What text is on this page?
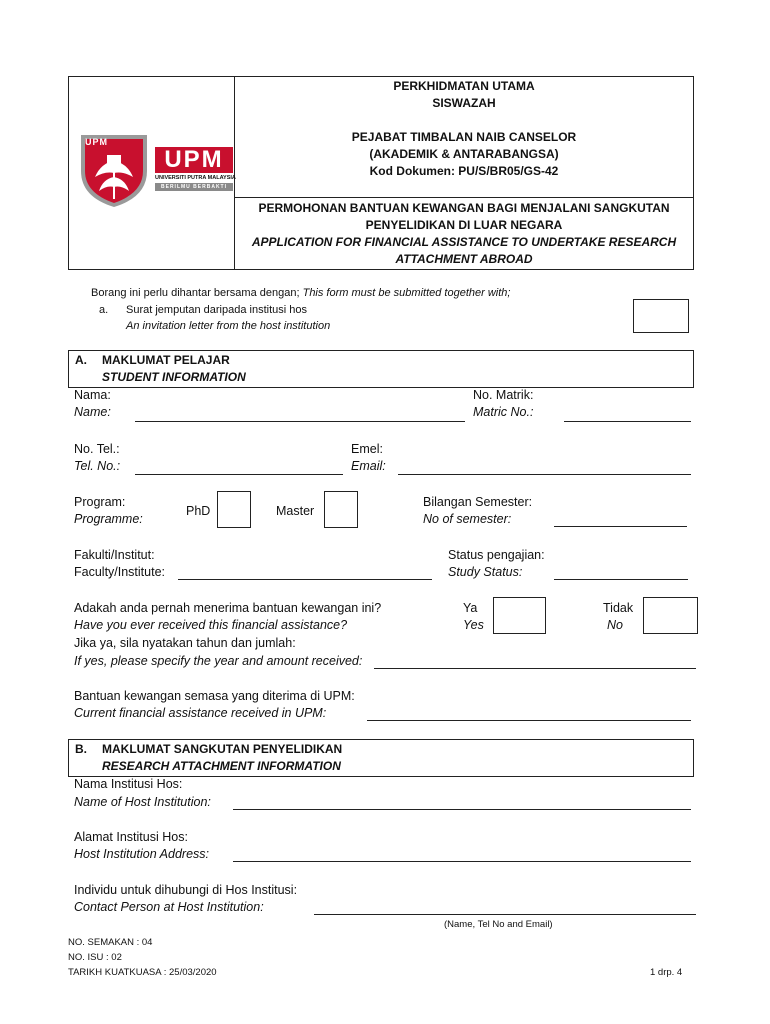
UPM
UPM
UNIVERSITI PUTRA MALAYSIA
BERILMU BERBAKTI
PERKHIDMATAN UTAMA
SISWAZAH
PEJABAT TIMBALAN NAIB CANSELOR
(AKADEMIK & ANTARABANGSA)
Kod Dokumen: PU/S/BR05/GS-42
PERMOHONAN BANTUAN KEWANGAN BAGI MENJALANI SANGKUTAN
PENYELIDIKAN DI LUAR NEGARA
APPLICATION FOR FINANCIAL ASSISTANCE TO UNDERTAKE RESEARCH
ATTACHMENT ABROAD
Borang ini perlu dihantar bersama dengan; This form must be submitted together with;
a. Surat jemputan daripada institusi hos
An invitation letter from the host institution
A. MAKLUMAT PELAJAR
STUDENT INFORMATION
Nama:
Name:
No. Matrik:
Matric No.:
No. Tel.:
Tel. No.:
Emel:
Email:
Program:
Programme:
PhD	Master
Bilangan Semester:
No of semester:
Fakulti/Institut:
Faculty/Institute:
Status pengajian:
Study Status:
Adakah anda pernah menerima bantuan kewangan ini?
Have you ever received this financial assistance?
Ya
Yes
Tidak
No
Jika ya, sila nyatakan tahun dan jumlah:
If yes, please specify the year and amount received:
Bantuan kewangan semasa yang diterima di UPM:
Current financial assistance received in UPM:
B. MAKLUMAT SANGKUTAN PENYELIDIKAN
RESEARCH ATTACHMENT INFORMATION
Nama Institusi Hos:
Name of Host Institution:
Alamat Institusi Hos:
Host Institution Address:
Individu untuk dihubungi di Hos Institusi:
Contact Person at Host Institution:
(Name, Tel No and Email)
NO. SEMAKAN : 04
NO. ISU : 02
TARIKH KUATKUASA : 25/03/2020	1 drp. 4
